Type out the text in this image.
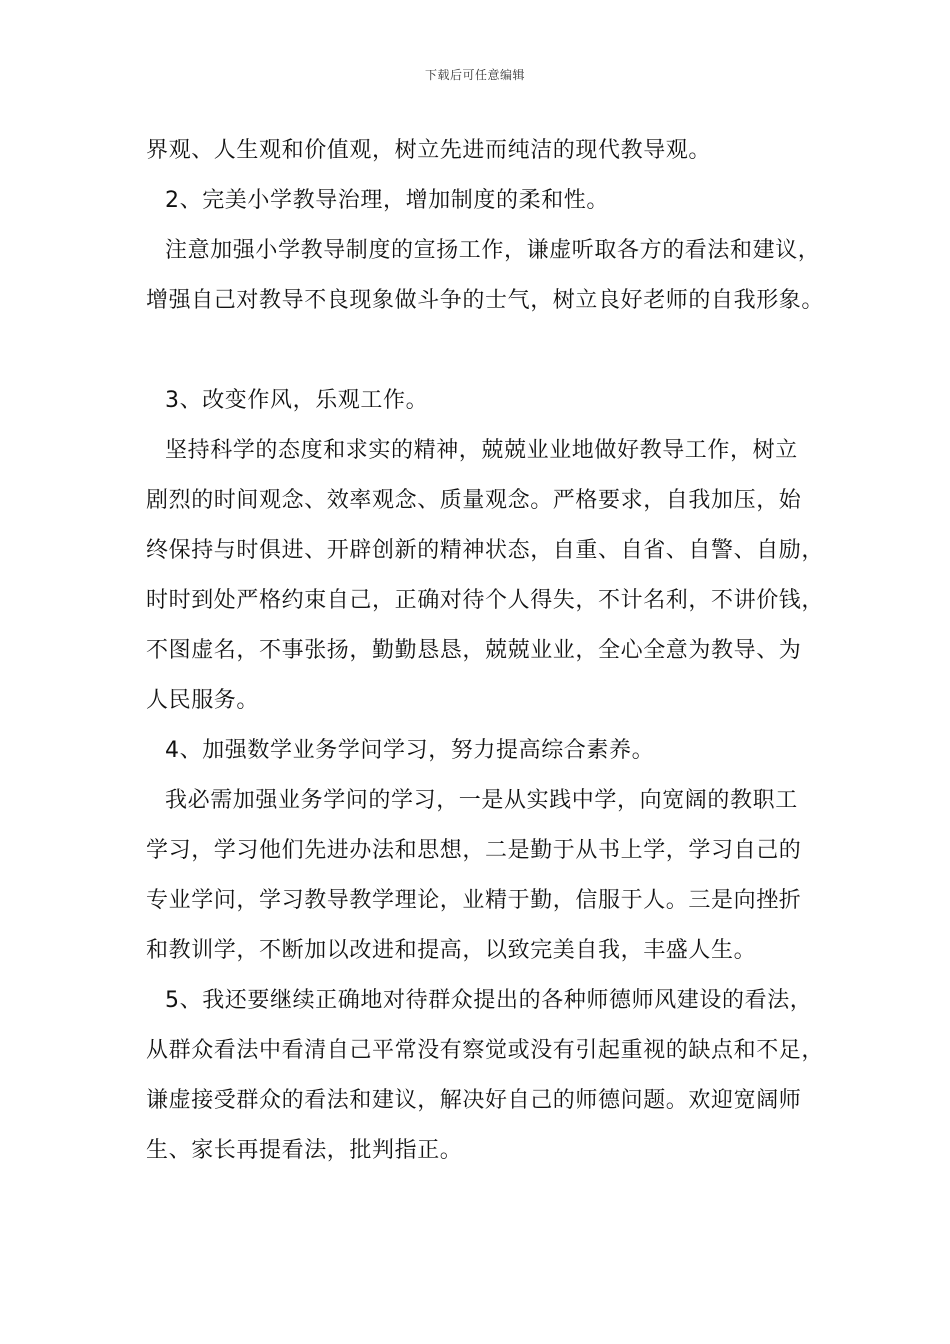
下载后可任意编辑
界观、人生观和价值观，树立先进而纯洁的现代教导观。
2、完美小学教导治理，增加制度的柔和性。
注意加强小学教导制度的宣扬工作，谦虚听取各方的看法和建议，
增强自己对教导不良现象做斗争的士气，树立良好老师的自我形象。
3、改变作风，乐观工作。
坚持科学的态度和求实的精神，兢兢业业地做好教导工作，树立
剧烈的时间观念、效率观念、质量观念。严格要求，自我加压，始
终保持与时俱进、开辟创新的精神状态，自重、自省、自警、自励，
时时到处严格约束自己，正确对待个人得失，不计名利，不讲价钱，
不图虚名，不事张扬，勤勤恳恳，兢兢业业，全心全意为教导、为
人民服务。
4、加强数学业务学问学习，努力提高综合素养。
我必需加强业务学问的学习，一是从实践中学，向宽阔的教职工
学习，学习他们先进办法和思想，二是勤于从书上学，学习自己的
专业学问，学习教导教学理论，业精于勤，信服于人。三是向挫折
和教训学，不断加以改进和提高，以致完美自我，丰盛人生。
5、我还要继续正确地对待群众提出的各种师德师风建设的看法，
从群众看法中看清自己平常没有察觉或没有引起重视的缺点和不足，
谦虚接受群众的看法和建议，解决好自己的师德问题。欢迎宽阔师
生、家长再提看法，批判指正。
